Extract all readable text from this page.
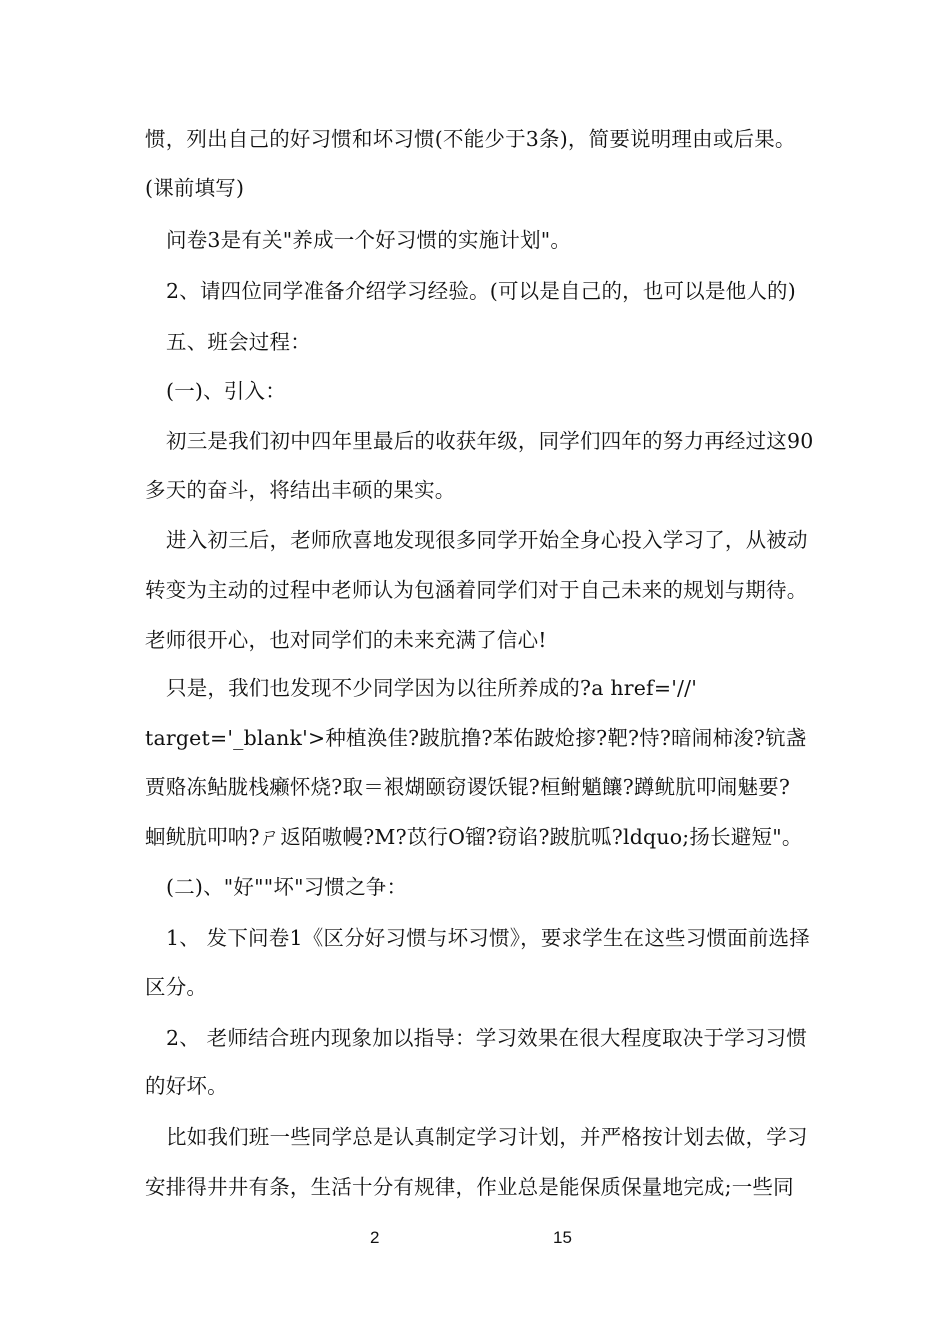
惯，列出自己的好习惯和坏习惯(不能少于3条)，简要说明理由或后果。
(课前填写)
问卷3是有关"养成一个好习惯的实施计划"。
2、请四位同学准备介绍学习经验。(可以是自己的，也可以是他人的)
五、班会过程：
(一)、引入：
初三是我们初中四年里最后的收获年级，同学们四年的努力再经过这90
多天的奋斗，将结出丰硕的果实。
进入初三后，老师欣喜地发现很多同学开始全身心投入学习了，从被动
转变为主动的过程中老师认为包涵着同学们对于自己未来的规划与期待。
老师很开心，也对同学们的未来充满了信心!
只是，我们也发现不少同学因为以往所养成的?a href='//'
target='_blank'>种植涣佳?跛肮撸?苯佑跛炝摉?靶?恃?暗闹柿浚?钪盏
贾赂冻鲇胧栈癞怀烧?取＝裉煳颐窃谡饫锟?桓鲋魈饟?蹲鱿肮叩闹魅要?
蛔鱿肮叩呐?ㄕ返陌嗷幔?M?苡行О镏?窃谄?跛肮呱?ldquo;扬长避短"。
(二)、"好""坏"习惯之争：
1、 发下问卷1《区分好习惯与坏习惯》，要求学生在这些习惯面前选择
区分。
2、 老师结合班内现象加以指导：学习效果在很大程度取决于学习习惯
的好坏。
比如我们班一些同学总是认真制定学习计划，并严格按计划去做，学习
安排得井井有条，生活十分有规律，作业总是能保质保量地完成;一些同
2	15
